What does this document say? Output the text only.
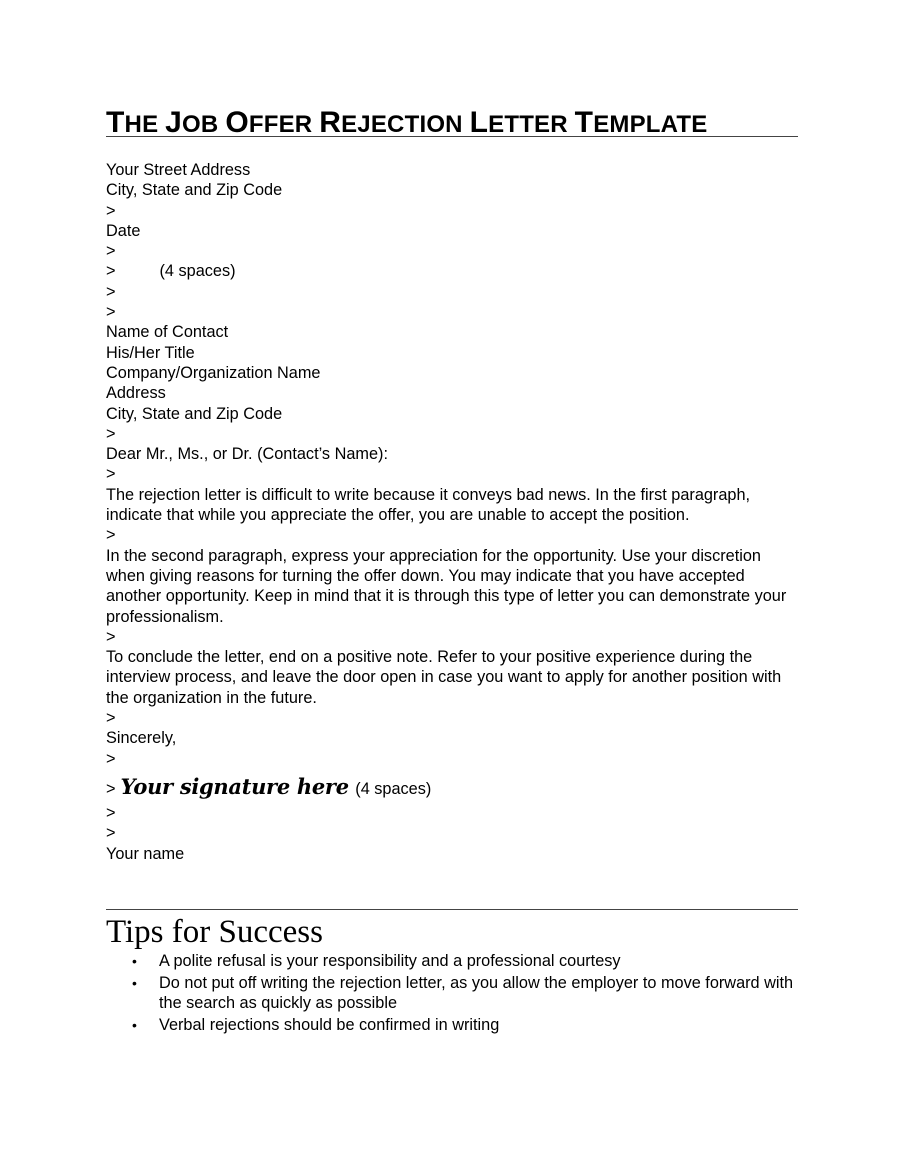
THE JOB OFFER REJECTION LETTER TEMPLATE
Your Street Address
City, State and Zip Code
>
Date
>
>	(4 spaces)
>
>
Name of Contact
His/Her Title
Company/Organization Name
Address
City, State and Zip Code
>
Dear Mr., Ms., or Dr. (Contact’s Name):
>
The rejection letter is difficult to write because it conveys bad news. In the first paragraph, indicate that while you appreciate the offer, you are unable to accept the position.
>
In the second paragraph, express your appreciation for the opportunity. Use your discretion when giving reasons for turning the offer down. You may indicate that you have accepted another opportunity. Keep in mind that it is through this type of letter you can demonstrate your professionalism.
>
To conclude the letter, end on a positive note. Refer to your positive experience during the interview process, and leave the door open in case you want to apply for another position with the organization in the future.
>
Sincerely,
>
> Your signature here (4 spaces)
>
>
Your name
Tips for Success
• A polite refusal is your responsibility and a professional courtesy
• Do not put off writing the rejection letter, as you allow the employer to move forward with the search as quickly as possible
• Verbal rejections should be confirmed in writing
